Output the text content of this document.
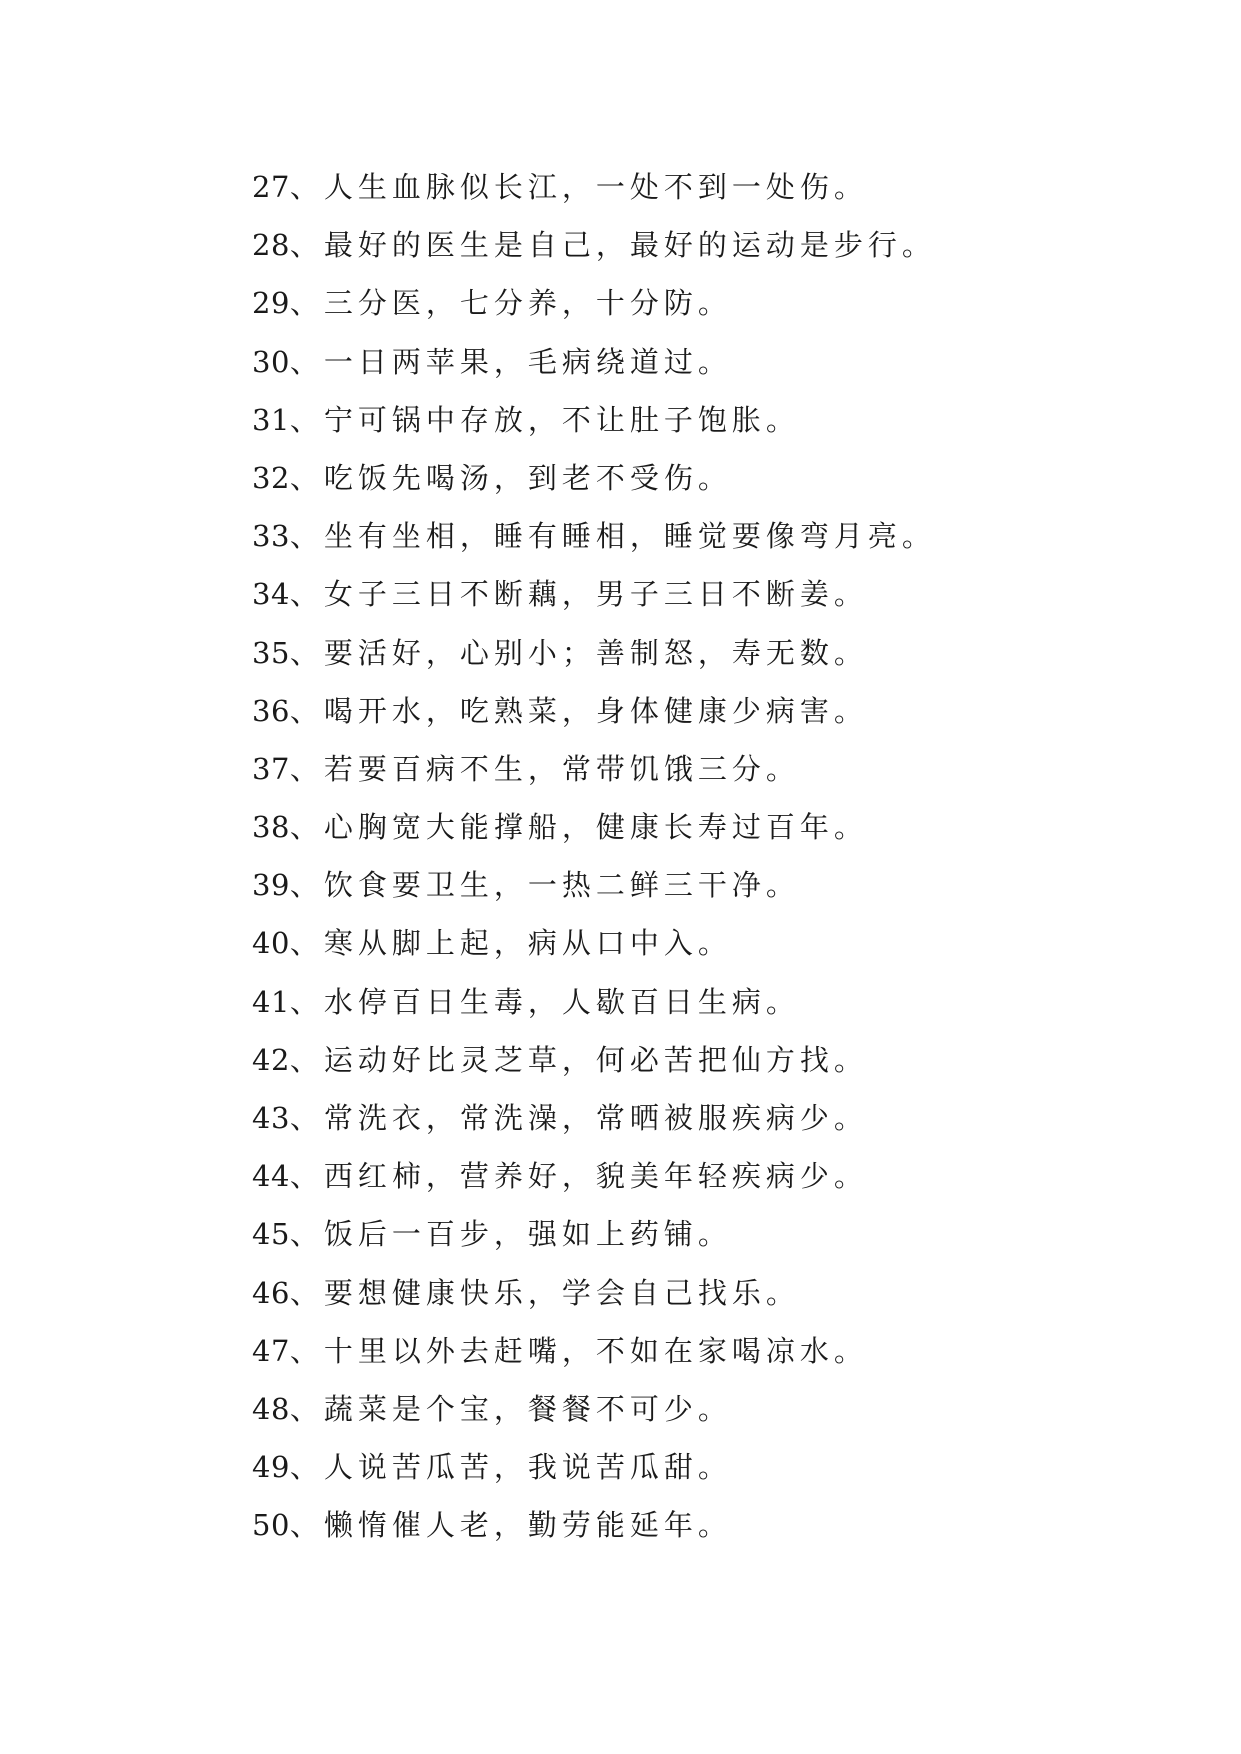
27、人生血脉似长江，一处不到一处伤。
28、最好的医生是自己，最好的运动是步行。
29、三分医，七分养，十分防。
30、一日两苹果，毛病绕道过。
31、宁可锅中存放，不让肚子饱胀。
32、吃饭先喝汤，到老不受伤。
33、坐有坐相，睡有睡相，睡觉要像弯月亮。
34、女子三日不断藕，男子三日不断姜。
35、要活好，心别小；善制怒，寿无数。
36、喝开水，吃熟菜，身体健康少病害。
37、若要百病不生，常带饥饿三分。
38、心胸宽大能撑船，健康长寿过百年。
39、饮食要卫生，一热二鲜三干净。
40、寒从脚上起，病从口中入。
41、水停百日生毒，人歇百日生病。
42、运动好比灵芝草，何必苦把仙方找。
43、常洗衣，常洗澡，常晒被服疾病少。
44、西红柿，营养好，貌美年轻疾病少。
45、饭后一百步，强如上药铺。
46、要想健康快乐，学会自己找乐。
47、十里以外去赶嘴，不如在家喝凉水。
48、蔬菜是个宝，餐餐不可少。
49、人说苦瓜苦，我说苦瓜甜。
50、懒惰催人老，勤劳能延年。
